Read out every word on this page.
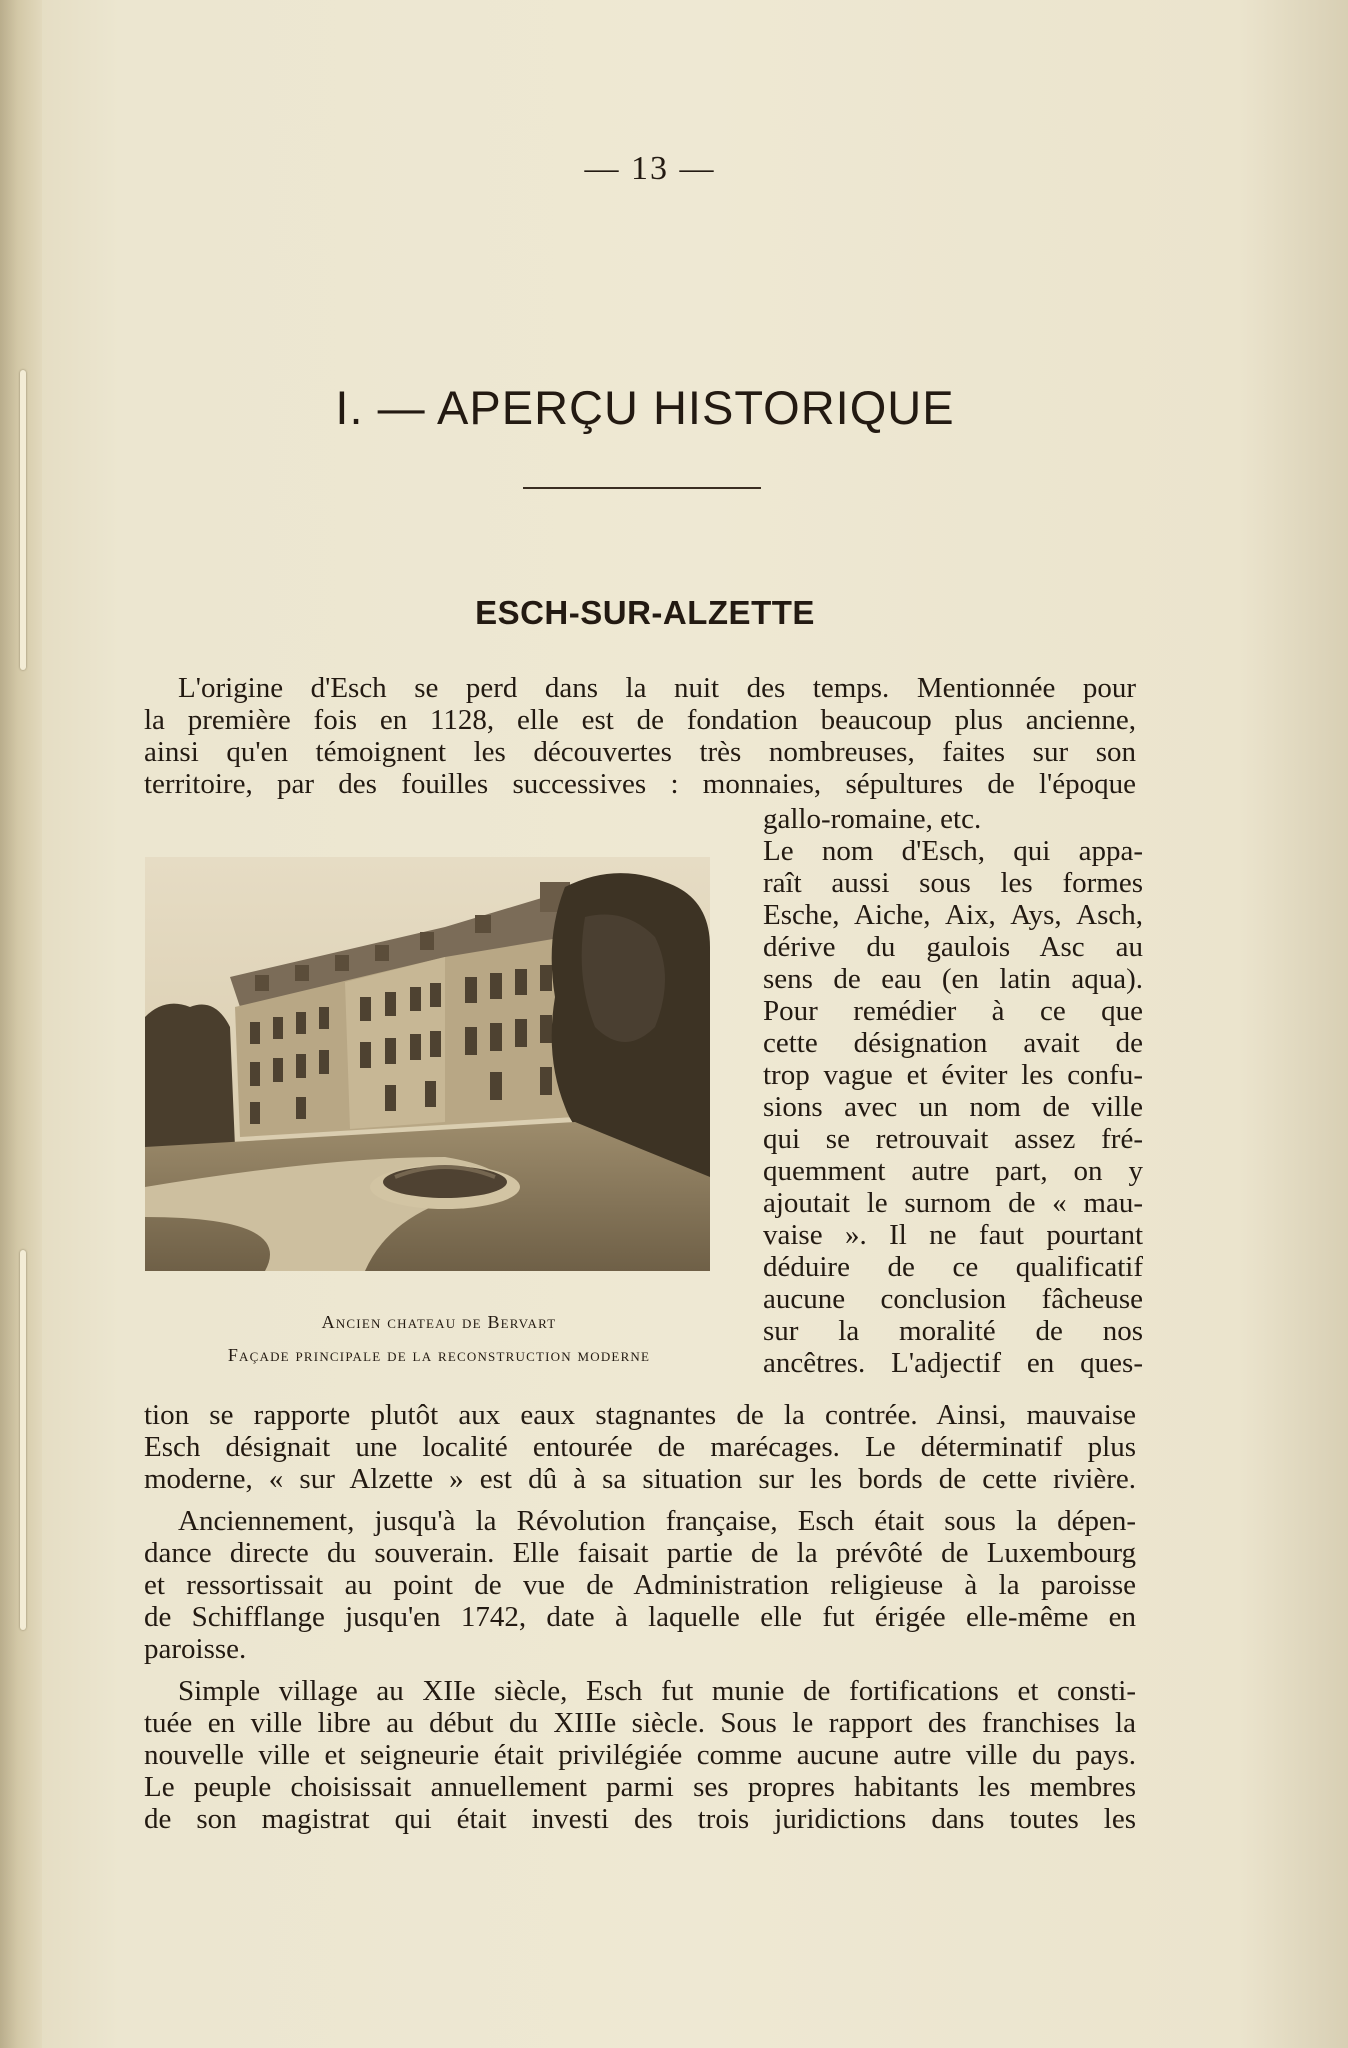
— 13 —
I. — APERÇU HISTORIQUE
ESCH-SUR-ALZETTE
L'origine d'Esch se perd dans la nuit des temps. Mentionnée pour
la première fois en 1128, elle est de fondation beaucoup plus ancienne,
ainsi qu'en témoignent les découvertes très nombreuses, faites sur son
territoire, par des fouilles successives : monnaies, sépultures de l'époque
gallo-romaine, etc.
Ancien chateau de Bervart
Façade principale de la reconstruction moderne
Le nom d'Esch, qui appa-
raît aussi sous les formes
Esche, Aiche, Aix, Ays, Asch,
dérive du gaulois Asc au
sens de eau (en latin aqua).
Pour remédier à ce que
cette désignation avait de
trop vague et éviter les confu-
sions avec un nom de ville
qui se retrouvait assez fré-
quemment autre part, on y
ajoutait le surnom de « mau-
vaise ». Il ne faut pourtant
déduire de ce qualificatif
aucune conclusion fâcheuse
sur la moralité de nos
ancêtres. L'adjectif en ques-
tion se rapporte plutôt aux eaux stagnantes de la contrée. Ainsi, mauvaise
Esch désignait une localité entourée de marécages. Le déterminatif plus
moderne, « sur Alzette » est dû à sa situation sur les bords de cette rivière.
Anciennement, jusqu'à la Révolution française, Esch était sous la dépen-
dance directe du souverain. Elle faisait partie de la prévôté de Luxembourg
et ressortissait au point de vue de Administration religieuse à la paroisse
de Schifflange jusqu'en 1742, date à laquelle elle fut érigée elle-même en
paroisse.
Simple village au XIIe siècle, Esch fut munie de fortifications et consti-
tuée en ville libre au début du XIIIe siècle. Sous le rapport des franchises la
nouvelle ville et seigneurie était privilégiée comme aucune autre ville du pays.
Le peuple choisissait annuellement parmi ses propres habitants les membres
de son magistrat qui était investi des trois juridictions dans toutes les
